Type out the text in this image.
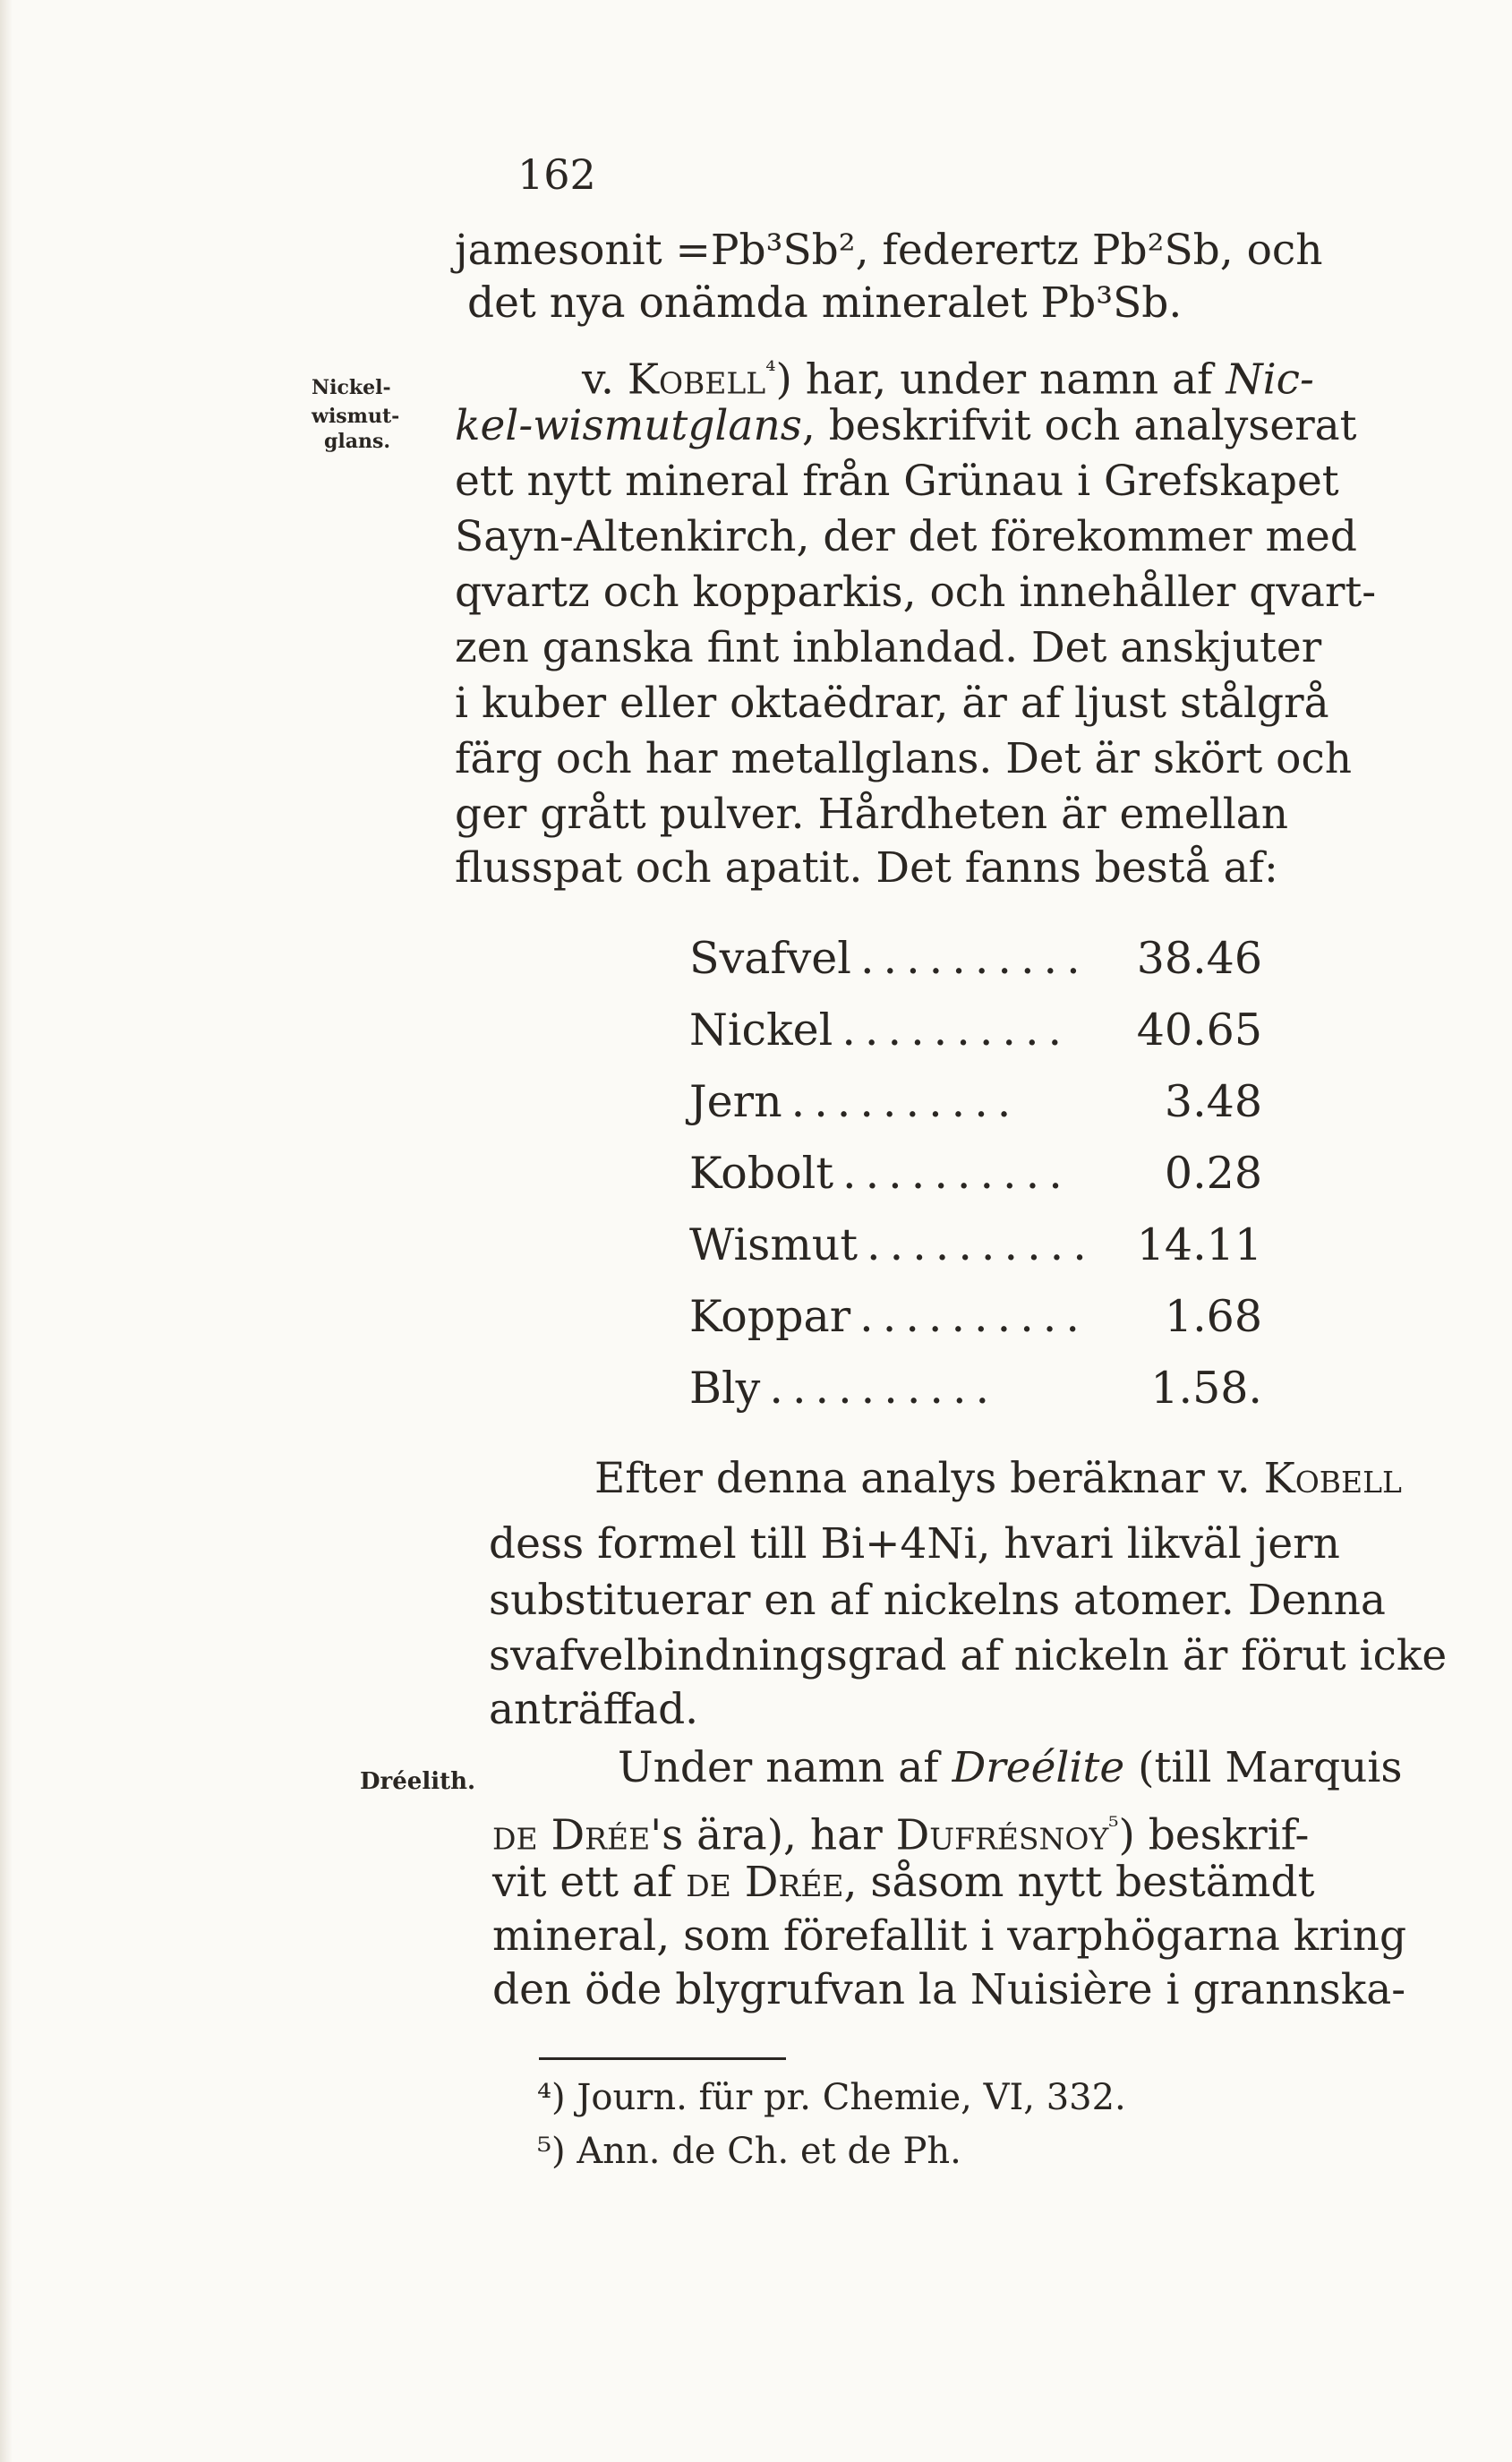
162
jamesonit =Pb³Sb², federertz Pb²Sb, och
det nya onämda mineralet Pb³Sb.
Nickel-
wismut-
glans.
v. Kobell$^{^4}$) har, under namn af Nic-
kel-wismutglans, beskrifvit och analyserat
ett nytt mineral från Grünau i Grefskapet
Sayn-Altenkirch, der det förekommer med
qvartz och kopparkis, och innehåller qvart-
zen ganska fint inblandad. Det anskjuter
i kuber eller oktaëdrar, är af ljust stålgrå
färg och har metallglans. Det är skört och
ger grått pulver. Hårdheten är emellan
flusspat och apatit. Det fanns bestå af:
Svafvel ..........	38.46
Nickel ..........	40.65
Jern ..........	3.48
Kobolt ..........	0.28
Wismut .......... 14.11
Koppar ..........	1.68
Bly ..........	1.58.
Efter denna analys beräknar v. Kobell
dess formel till Bi+4Ni, hvari likväl jern
substituerar en af nickelns atomer. Denna
svafvelbindningsgrad af nickeln är förut icke
anträffad.
Dréelith.	Under namn af Dreélite (till Marquis
de Drée's ära), har Dufrésnoy$^{^5}$) beskrif-
vit ett af de Drée, såsom nytt bestämdt
mineral, som förefallit i varphögarna kring
den öde blygrufvan la Nuisière i grannska-
⁴) Journ. für pr. Chemie, VI, 332.
⁵) Ann. de Ch. et de Ph.
